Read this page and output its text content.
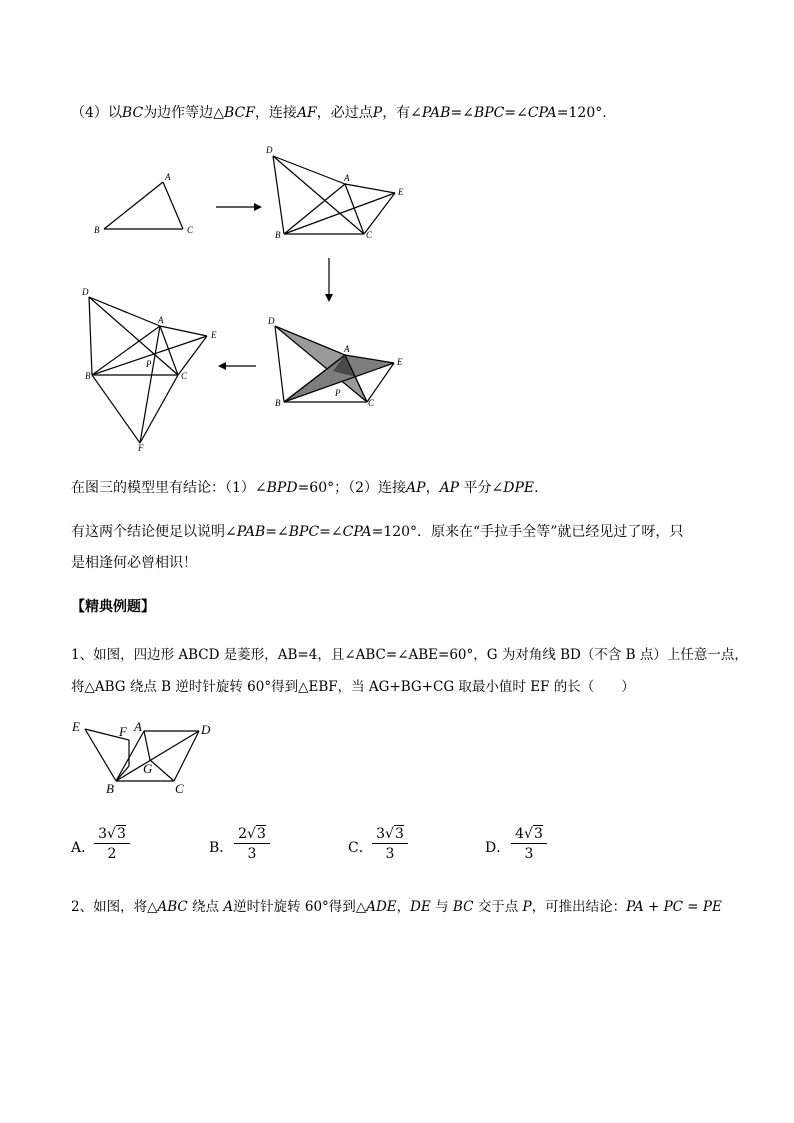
（4）以BC为边作等边△BCF，连接AF，必过点P，有∠PAB=∠BPC=∠CPA=120°.
A
B	C
D
A
E
B	C
D
A
E
P
B	C
D
A
E
P
B	C
F
在图三的模型里有结论：（1）∠BPD=60°；（2）连接AP，AP 平分∠DPE.
有这两个结论便足以说明∠PAB=∠BPC=∠CPA=120°．原来在“手拉手全等”就已经见过了呀，只
是相逢何必曾相识！
【精典例题】
1、如图，四边形 ABCD 是菱形，AB=4，且∠ABC=∠ABE=60°，G 为对角线 BD（不含 B 点）上任意一点，
将△ABG 绕点 B 逆时针旋转 60°得到△EBF，当 AG+BG+CG 取最小值时 EF 的长（　　）
E	F A	D
G
B	C
A．
$\frac{3√3}{2}$	B． $\frac{2√3}{3}$	C． $\frac{3√3}{3}$	D． $\frac{4√3}{3}$
2、如图，将△ABC 绕点 A逆时针旋转 60°得到△ADE，DE 与 BC 交于点 P，可推出结论：PA + PC = PE
